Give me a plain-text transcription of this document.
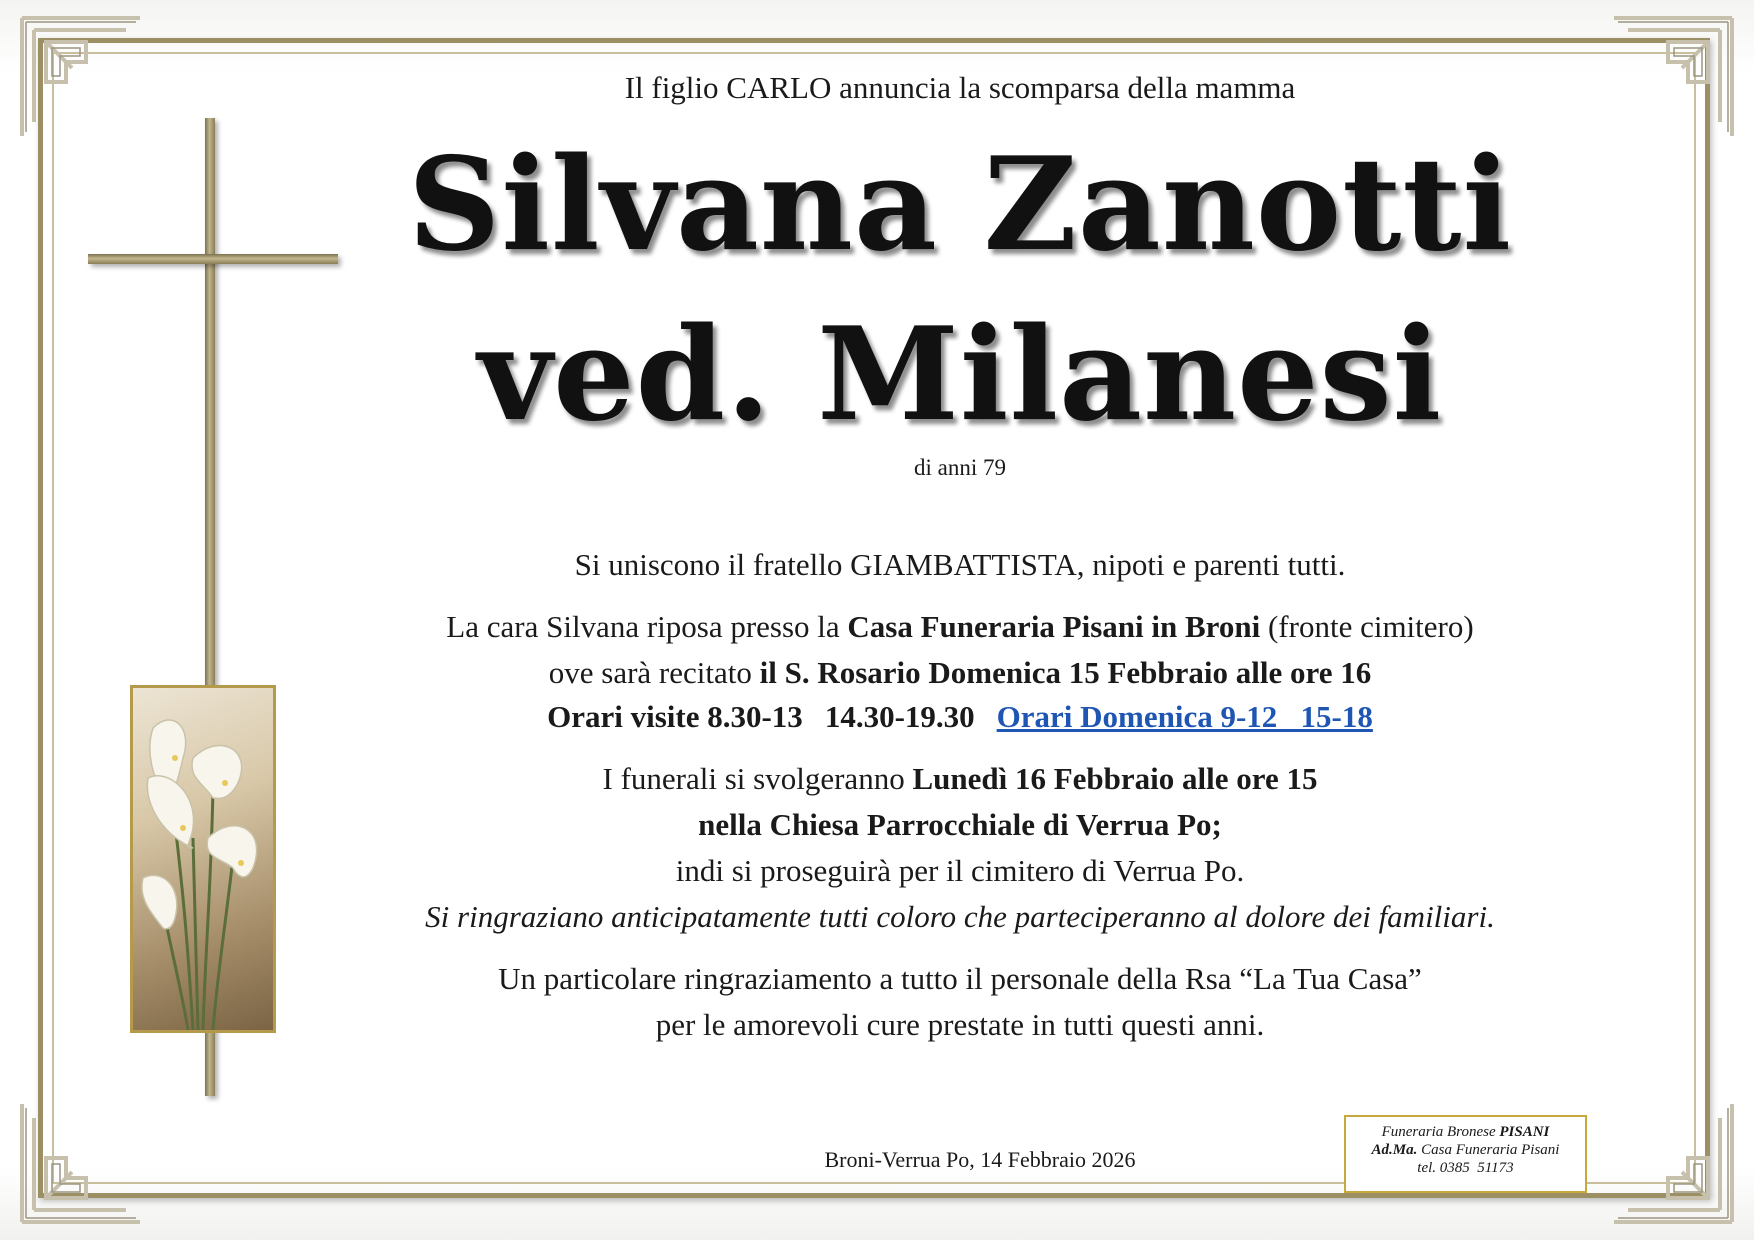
Il figlio CARLO annuncia la scomparsa della mamma
Silvana Zanotti
ved. Milanesi
di anni 79
Si uniscono il fratello GIAMBATTISTA, nipoti e parenti tutti.
La cara Silvana riposa presso la Casa Funeraria Pisani in Broni (fronte cimitero)
ove sarà recitato il S. Rosario Domenica 15 Febbraio alle ore 16
Orari visite 8.30-13 14.30-19.30 Orari Domenica 9-12   15-18
I funerali si svolgeranno Lunedì 16 Febbraio alle ore 15
nella Chiesa Parrocchiale di Verrua Po;
indi si proseguirà per il cimitero di Verrua Po.
Si ringraziano anticipatamente tutti coloro che parteciperanno al dolore dei familiari.
Un particolare ringraziamento a tutto il personale della Rsa “La Tua Casa”
per le amorevoli cure prestate in tutti questi anni.
Broni-Verrua Po, 14 Febbraio 2026
Funeraria Bronese PISANI
Ad.Ma. Casa Funeraria Pisani
tel. 0385  51173
